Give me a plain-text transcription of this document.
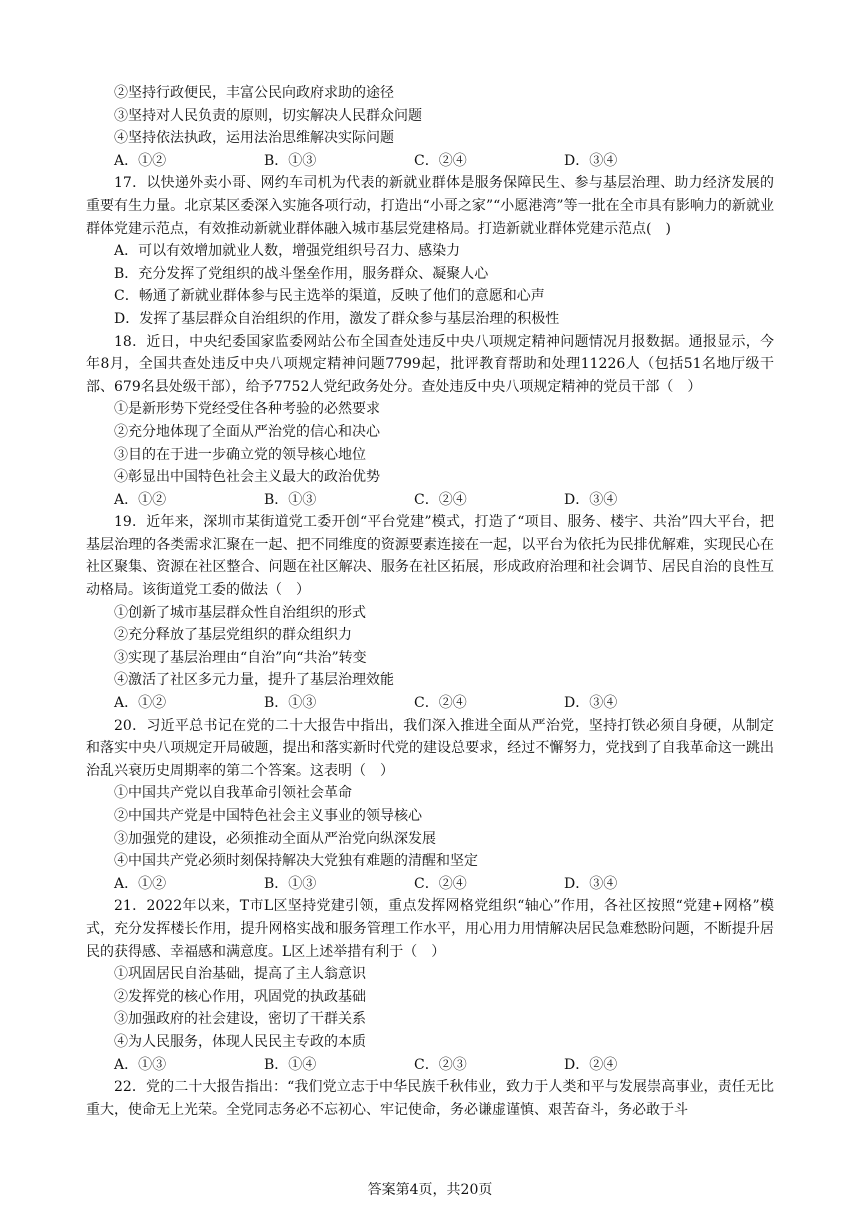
②坚持行政便民，丰富公民向政府求助的途径
③坚持对人民负责的原则，切实解决人民群众问题
④坚持依法执政，运用法治思维解决实际问题
A．①②	B．①③	C．②④	D．③④
17．以快递外卖小哥、网约车司机为代表的新就业群体是服务保障民生、参与基层治理、助力经济发展的重要有生力量。北京某区委深入实施各项行动，打造出“小哥之家”“小愿港湾”等一批在全市具有影响力的新就业群体党建示范点，有效推动新就业群体融入城市基层党建格局。打造新就业群体党建示范点(　)
A．可以有效增加就业人数，增强党组织号召力、感染力
B．充分发挥了党组织的战斗堡垒作用，服务群众、凝聚人心
C．畅通了新就业群体参与民主选举的渠道，反映了他们的意愿和心声
D．发挥了基层群众自治组织的作用，激发了群众参与基层治理的积极性
18．近日，中央纪委国家监委网站公布全国查处违反中央八项规定精神问题情况月报数据。通报显示，今年8月，全国共查处违反中央八项规定精神问题7799起，批评教育帮助和处理11226人（包括51名地厅级干部、679名县处级干部），给予7752人党纪政务处分。查处违反中央八项规定精神的党员干部（　）
①是新形势下党经受住各种考验的必然要求
②充分地体现了全面从严治党的信心和决心
③目的在于进一步确立党的领导核心地位
④彰显出中国特色社会主义最大的政治优势
A．①②	B．①③	C．②④	D．③④
19．近年来，深圳市某街道党工委开创“平台党建”模式，打造了“项目、服务、楼宇、共治”四大平台，把基层治理的各类需求汇聚在一起、把不同维度的资源要素连接在一起，以平台为依托为民排优解难，实现民心在社区聚集、资源在社区整合、问题在社区解决、服务在社区拓展，形成政府治理和社会调节、居民自治的良性互动格局。该街道党工委的做法（　）
①创新了城市基层群众性自治组织的形式
②充分释放了基层党组织的群众组织力
③实现了基层治理由“自治”向“共治”转变
④激活了社区多元力量，提升了基层治理效能
A．①②	B．①③	C．②④	D．③④
20．习近平总书记在党的二十大报告中指出，我们深入推进全面从严治党，坚持打铁必须自身硬，从制定和落实中央八项规定开局破题，提出和落实新时代党的建设总要求，经过不懈努力，党找到了自我革命这一跳出治乱兴衰历史周期率的第二个答案。这表明（　）
①中国共产党以自我革命引领社会革命
②中国共产党是中国特色社会主义事业的领导核心
③加强党的建设，必须推动全面从严治党向纵深发展
④中国共产党必须时刻保持解决大党独有难题的清醒和坚定
A．①②	B．①③	C．②④	D．③④
21．2022年以来，T市L区坚持党建引领，重点发挥网格党组织“轴心”作用，各社区按照“党建+网格”模式，充分发挥楼长作用，提升网格实战和服务管理工作水平，用心用力用情解决居民急难愁盼问题，不断提升居民的获得感、幸福感和满意度。L区上述举措有利于（　）
①巩固居民自治基础，提高了主人翁意识
②发挥党的核心作用，巩固党的执政基础
③加强政府的社会建设，密切了干群关系
④为人民服务，体现人民民主专政的本质
A．①③	B．①④	C．②③	D．②④
22．党的二十大报告指出：“我们党立志于中华民族千秋伟业，致力于人类和平与发展崇高事业，责任无比重大，使命无上光荣。全党同志务必不忘初心、牢记使命，务必谦虚谨慎、艰苦奋斗，务必敢于斗
答案第4页，共20页
